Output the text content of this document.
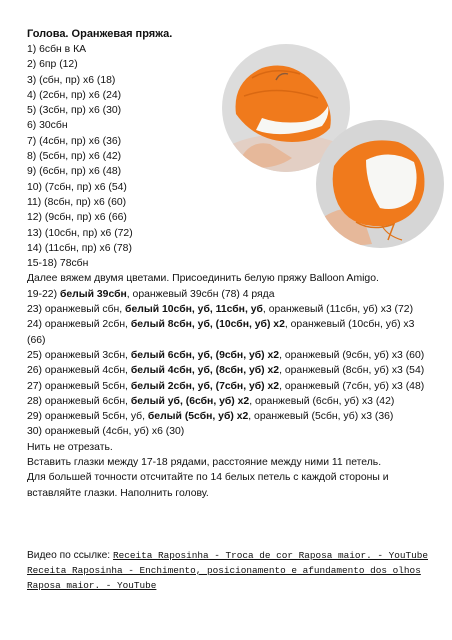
Голова. Оранжевая пряжа.
1) 6сбн в КА
2) 6пр (12)
3) (сбн, пр) х6 (18)
4) (2сбн, пр) х6 (24)
5) (3сбн, пр) х6 (30)
6) 30сбн
7) (4сбн, пр) х6 (36)
8) (5сбн, пр) х6 (42)
9) (6сбн, пр) х6 (48)
10) (7сбн, пр) х6 (54)
11) (8сбн, пр) х6 (60)
12) (9сбн, пр) х6 (66)
13) (10сбн, пр) х6 (72)
14) (11сбн, пр) х6 (78)
15-18) 78сбн
Далее вяжем двумя цветами. Присоединить белую пряжу Balloon Amigo.
19-22) белый 39сбн, оранжевый 39сбн (78) 4 ряда
23) оранжевый сбн, белый 10сбн, уб, 11сбн, уб, оранжевый (11сбн, уб) х3 (72)
24) оранжевый 2сбн, белый 8сбн, уб, (10сбн, уб) х2, оранжевый (10сбн, уб) х3 (66)
25) оранжевый 3сбн, белый 6сбн, уб, (9сбн, уб) х2, оранжевый (9сбн, уб) х3 (60)
26) оранжевый 4сбн, белый 4сбн, уб, (8сбн, уб) х2, оранжевый (8сбн, уб) х3 (54)
27) оранжевый 5сбн, белый 2сбн, уб, (7сбн, уб) х2, оранжевый (7сбн, уб) х3 (48)
28) оранжевый 6сбн, белый уб, (6сбн, уб) х2, оранжевый (6сбн, уб) х3 (42)
29) оранжевый 5сбн, уб, белый (5сбн, уб) х2, оранжевый (5сбн, уб) х3 (36)
30) оранжевый (4сбн, уб) х6 (30)
Нить не отрезать.
Вставить глазки между 17-18 рядами, расстояние между ними 11 петель.
Для большей точности отсчитайте по 14 белых петель с каждой стороны и
вставляйте глазки. Наполнить голову.
Видео по ссылке: Receita Raposinha - Troca de cor Raposa maior. - YouTube
Receita Raposinha - Enchimento, posicionamento e afundamento dos olhos Raposa maior. - YouTube
